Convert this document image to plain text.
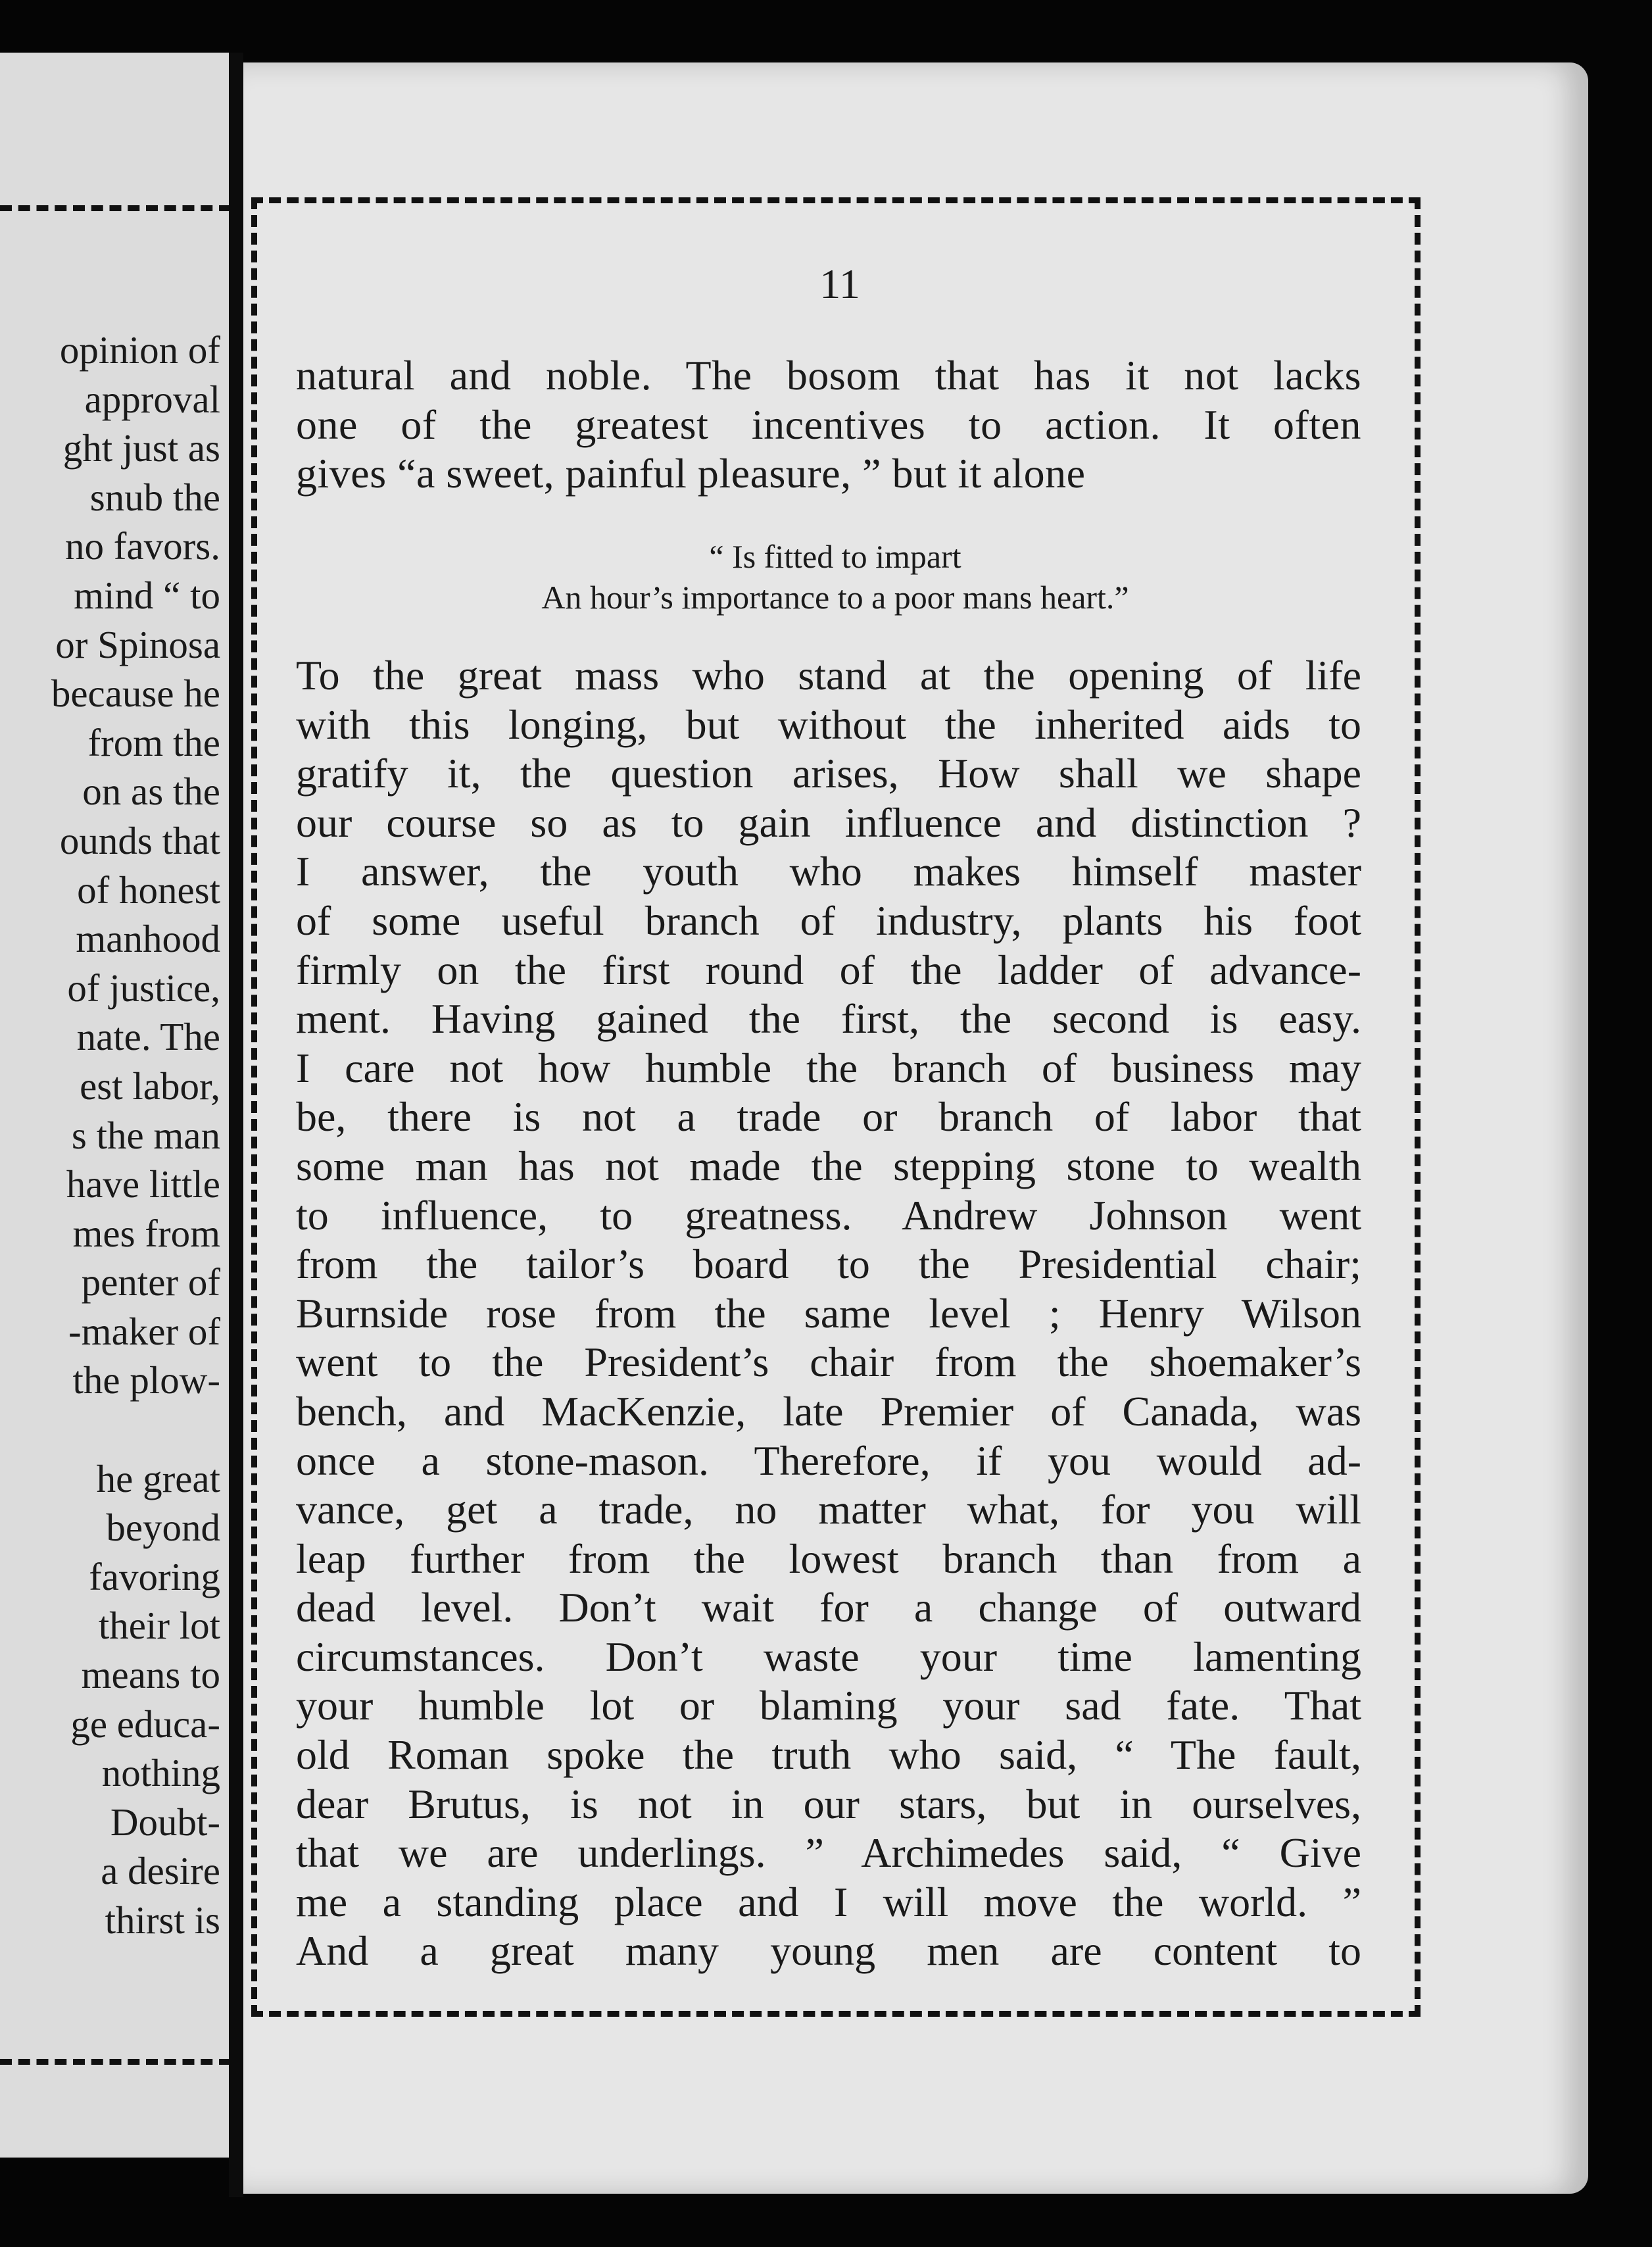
opinion of
approval
ght just as
snub the
no favors.
mind “ to
or Spinosa
because he
from the
on as the
ounds that
of honest
manhood
of justice,
nate. The
est labor,
s the man
have little
mes from
penter of
-maker of
the plow-

he great
beyond
favoring
their lot
means to
ge educa-
nothing
Doubt-
a desire
thirst is
11
natural and noble. The bosom that has it not lacks
one of the greatest incentives to action. It often
gives “a sweet, painful pleasure, ” but it alone
“ Is fitted to impart
An hour’s importance to a poor mans heart.”
To the great mass who stand at the opening of life
with this longing, but without the inherited aids to
gratify it, the question arises, How shall we shape
our course so as to gain influence and distinction ?
I answer, the youth who makes himself master
of some useful branch of industry, plants his foot
firmly on the first round of the ladder of advance-
ment. Having gained the first, the second is easy.
I care not how humble the branch of business may
be, there is not a trade or branch of labor that
some man has not made the stepping stone to wealth
to influence, to greatness. Andrew Johnson went
from the tailor’s board to the Presidential chair;
Burnside rose from the same level ; Henry Wilson
went to the President’s chair from the shoemaker’s
bench, and MacKenzie, late Premier of Canada, was
once a stone-mason. Therefore, if you would ad-
vance, get a trade, no matter what, for you will
leap further from the lowest branch than from a
dead level. Don’t wait for a change of outward
circumstances. Don’t waste your time lamenting
your humble lot or blaming your sad fate. That
old Roman spoke the truth who said, “ The fault,
dear Brutus, is not in our stars, but in ourselves,
that we are underlings. ” Archimedes said, “ Give
me a standing place and I will move the world. ”
And a great many young men are content to
